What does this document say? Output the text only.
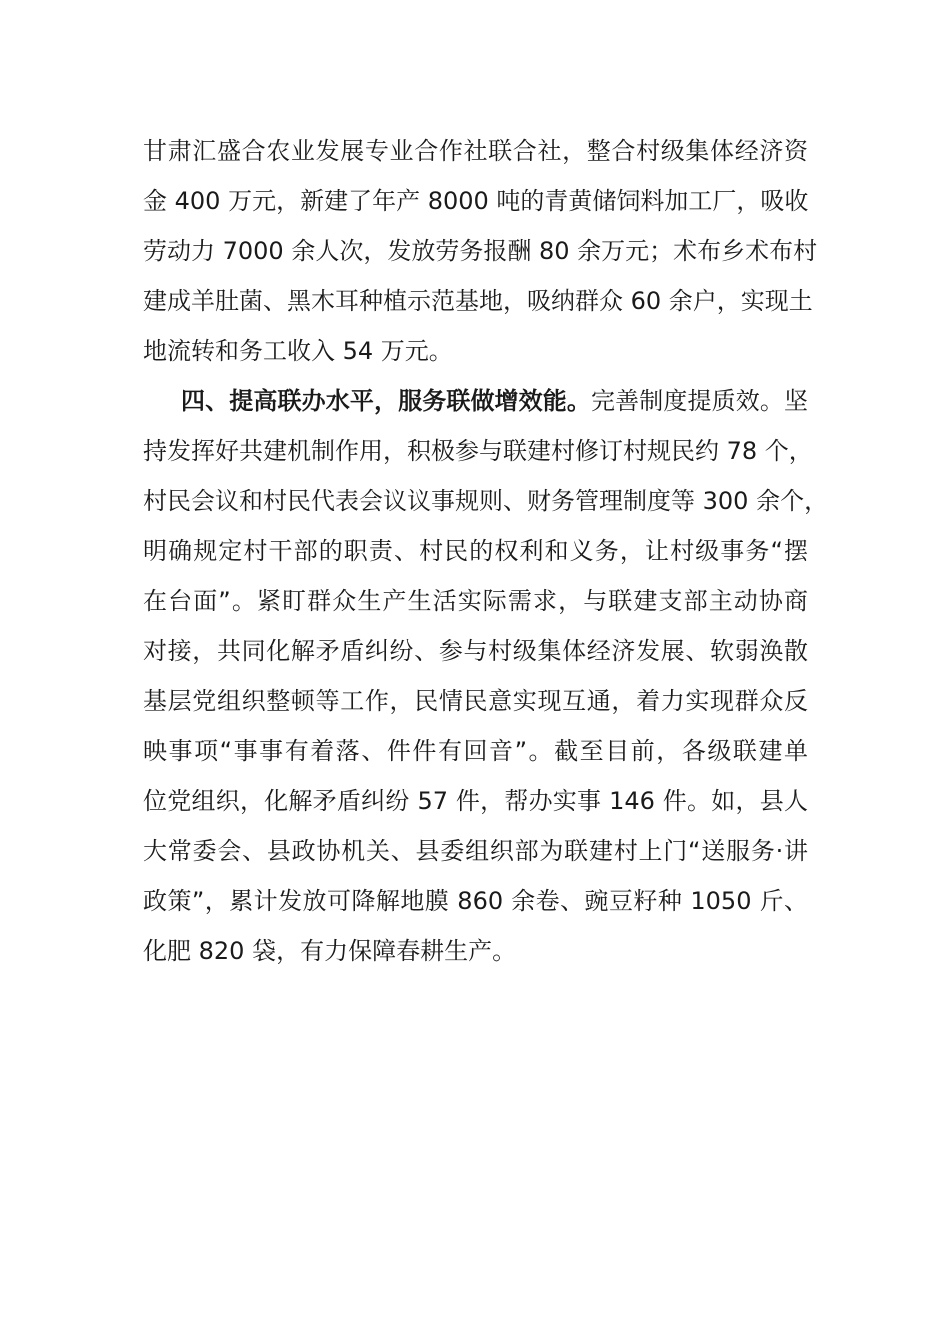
甘肃汇盛合农业发展专业合作社联合社，整合村级集体经济资
金 400 万元，新建了年产 8000 吨的青黄储饲料加工厂，吸收
劳动力 7000 余人次，发放劳务报酬 80 余万元；术布乡术布村
建成羊肚菌、黑木耳种植示范基地，吸纳群众 60 余户，实现土
地流转和务工收入 54 万元。
四、提高联办水平，服务联做增效能。完善制度提质效。坚
持发挥好共建机制作用，积极参与联建村修订村规民约 78 个，
村民会议和村民代表会议议事规则、财务管理制度等 300 余个，
明确规定村干部的职责、村民的权利和义务，让村级事务“摆
在台面”。紧盯群众生产生活实际需求，与联建支部主动协商
对接，共同化解矛盾纠纷、参与村级集体经济发展、软弱涣散
基层党组织整顿等工作，民情民意实现互通，着力实现群众反
映事项“事事有着落、件件有回音”。截至目前，各级联建单
位党组织，化解矛盾纠纷 57 件，帮办实事 146 件。如，县人
大常委会、县政协机关、县委组织部为联建村上门“送服务·讲
政策”，累计发放可降解地膜 860 余卷、豌豆籽种 1050 斤、
化肥 820 袋，有力保障春耕生产。
